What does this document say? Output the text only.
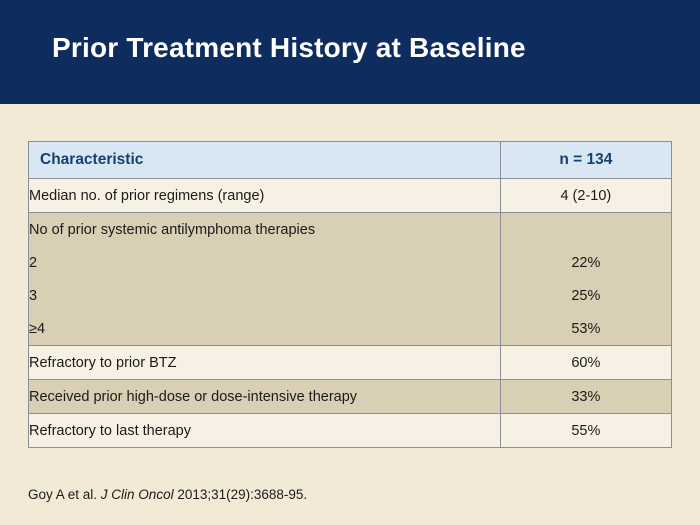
Prior Treatment History at Baseline
Characteristic	n = 134
Median no. of prior regimens (range)	4 (2-10)
No of prior systemic antilymphoma therapies	
2	22%
3	25%
≥4	53%
Refractory to prior BTZ	60%
Received prior high-dose or dose-intensive therapy	33%
Refractory to last therapy	55%
Goy A et al. J Clin Oncol 2013;31(29):3688-95.
